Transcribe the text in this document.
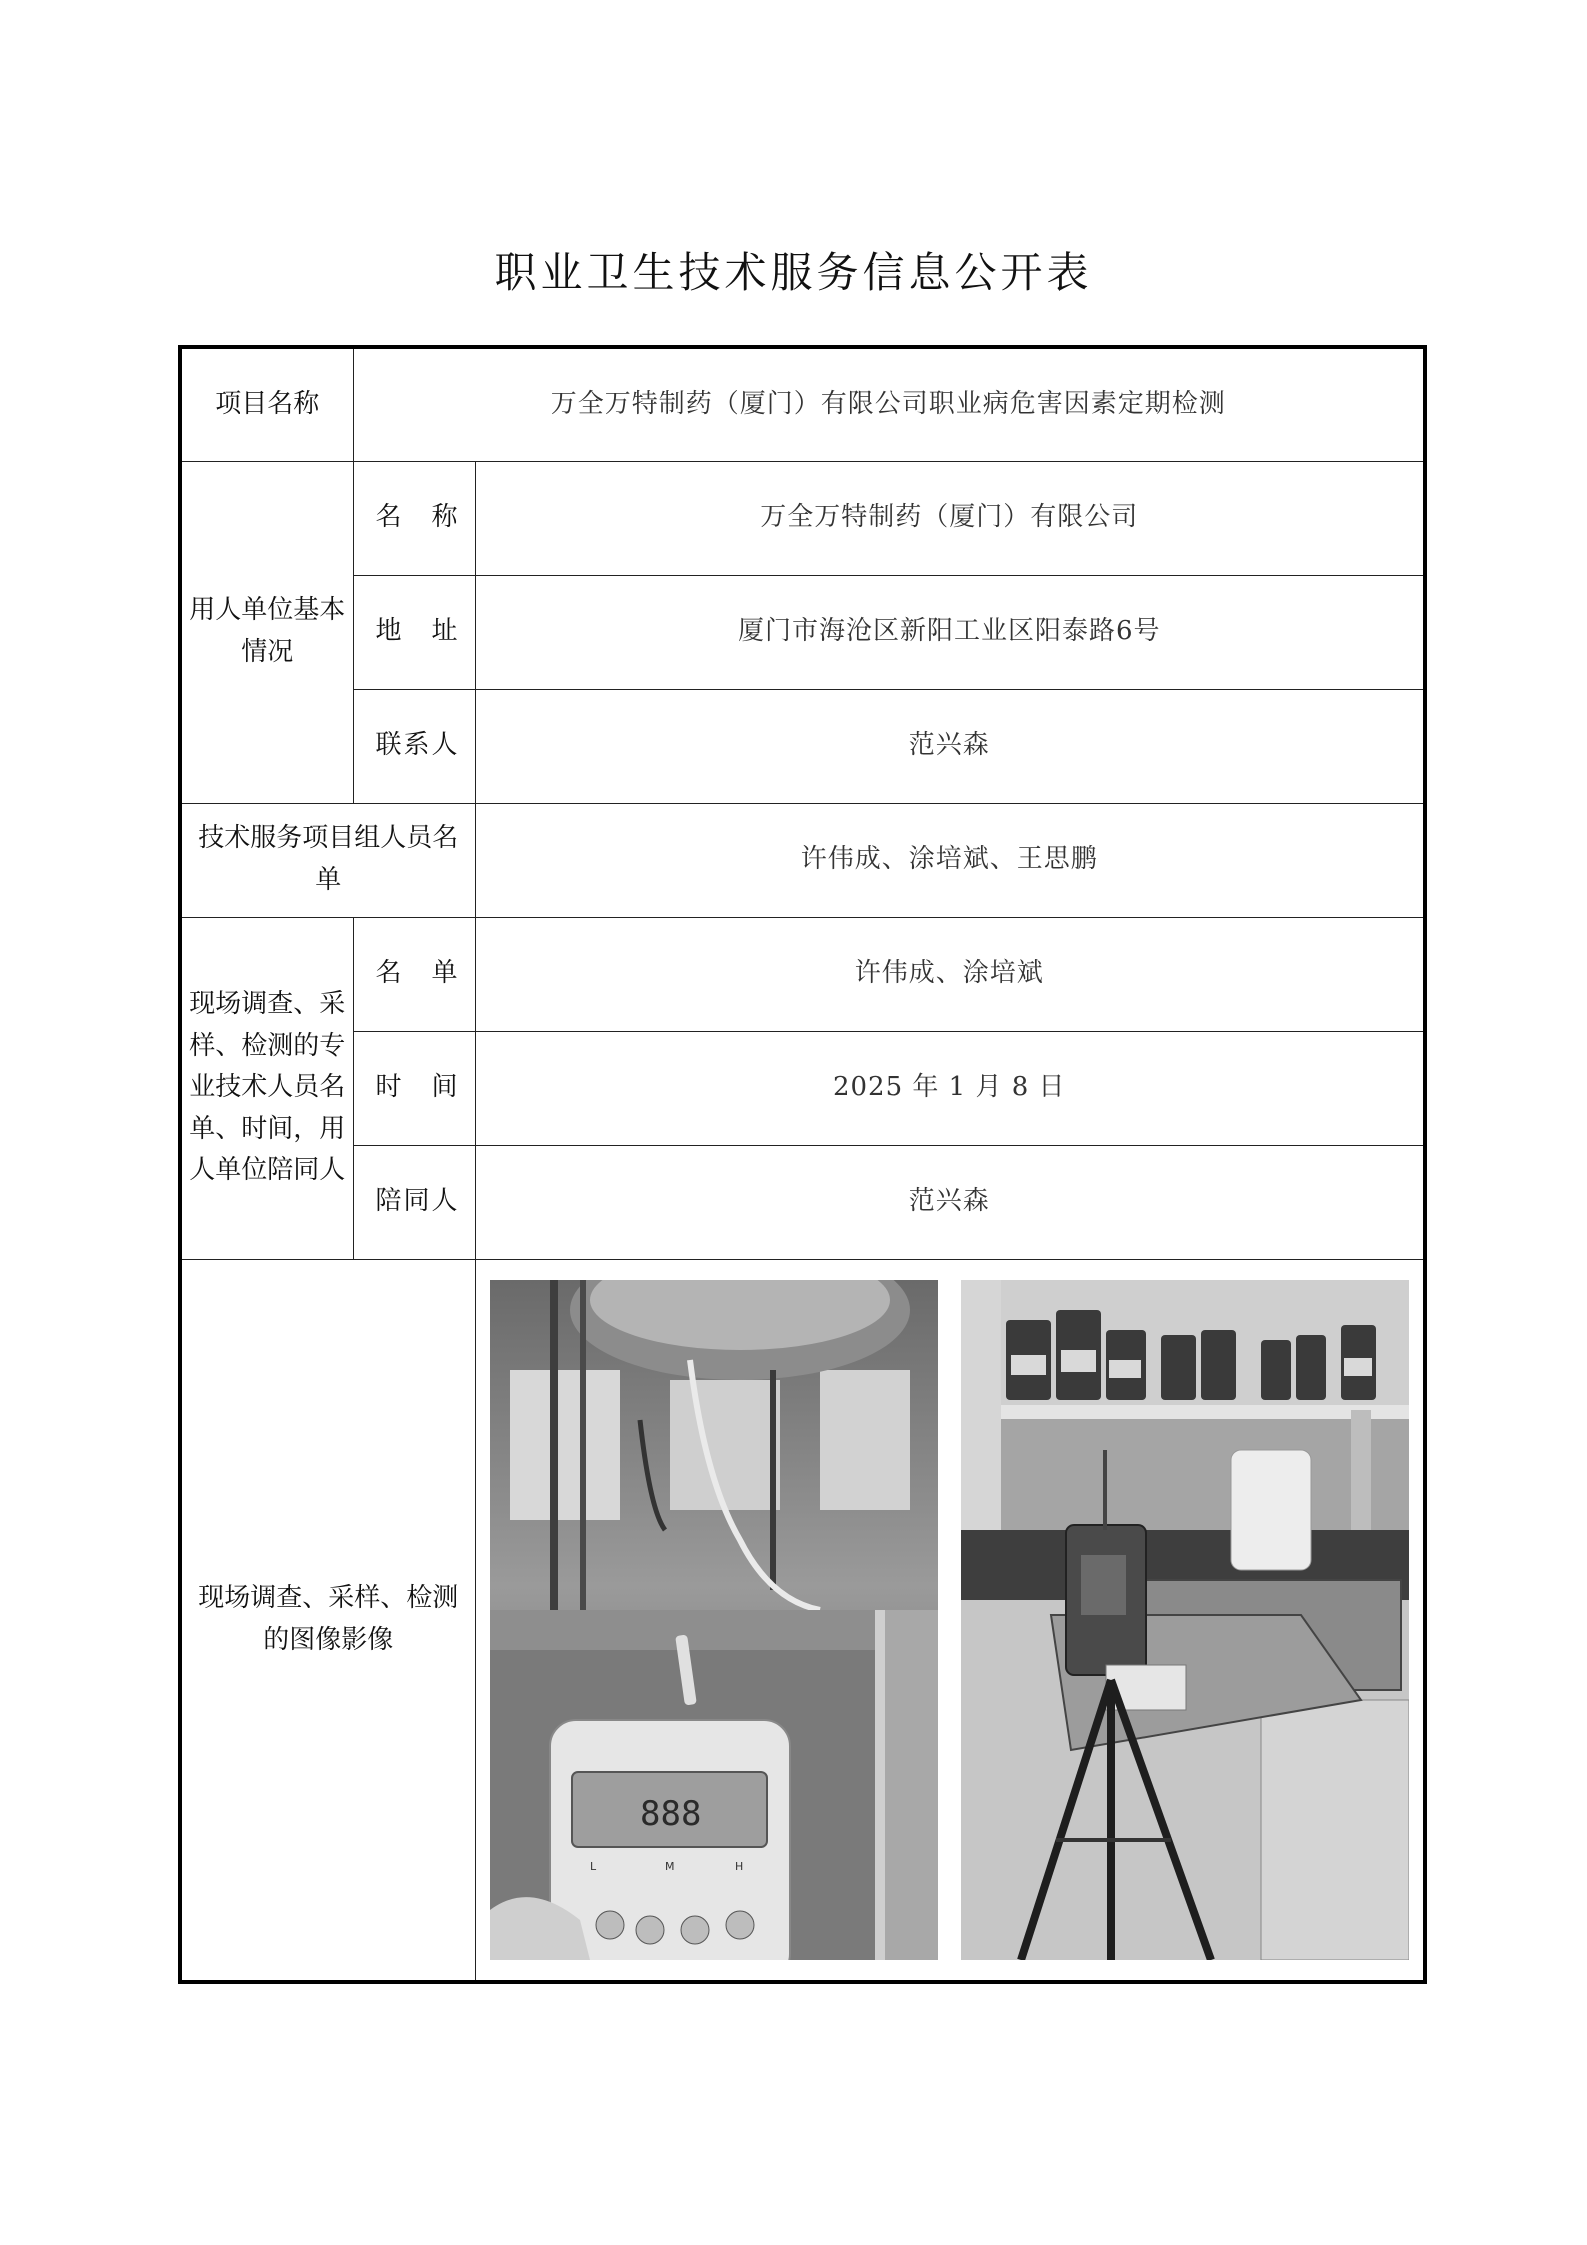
职业卫生技术服务信息公开表
项目名称	万全万特制药（厦门）有限公司职业病危害因素定期检测	
用人单位基本情况	名　称	万全万特制药（厦门）有限公司
	地　址	厦门市海沧区新阳工业区阳泰路6号
	联系人	范兴森
技术服务项目组人员名单		许伟成、涂培斌、王思鹏
现场调查、采样、检测的专业技术人员名单、时间，用人单位陪同人	名　单	许伟成、涂培斌
	时　间	2025 年 1 月 8 日
	陪同人	范兴森
现场调查、采样、检测的图像影像		888
L M H
